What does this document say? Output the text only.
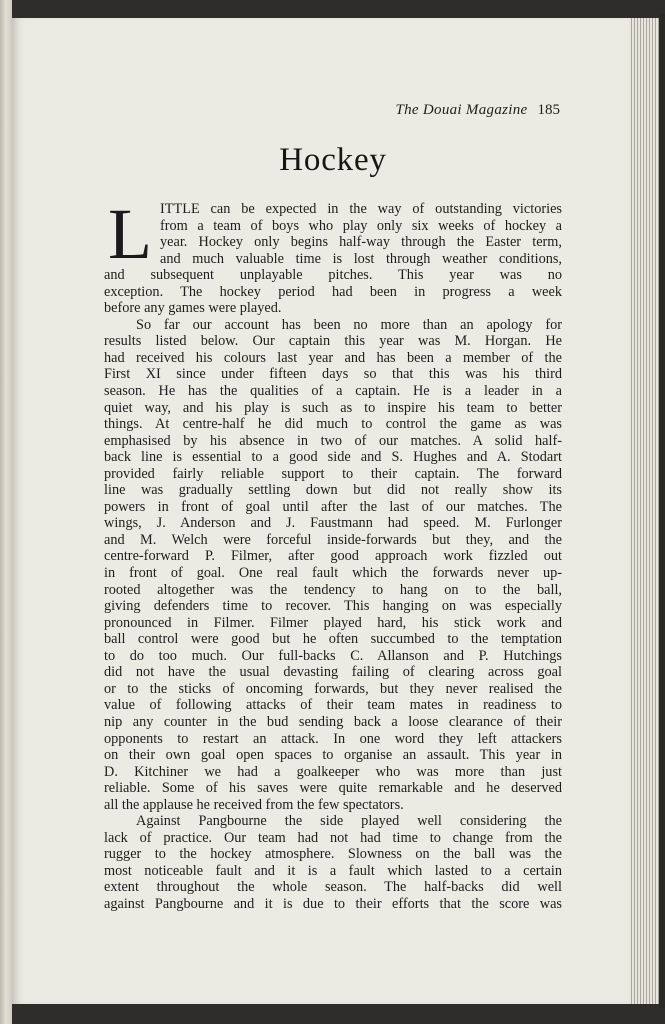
The Douai Magazine 185
Hockey
L ITTLE can be expected in the way of outstanding victories
from a team of boys who play only six weeks of hockey a
year. Hockey only begins half-way through the Easter term,
and much valuable time is lost through weather conditions,
and subsequent unplayable pitches. This year was no
exception. The hockey period had been in progress a week
before any games were played.
So far our account has been no more than an apology for
results listed below. Our captain this year was M. Horgan. He
had received his colours last year and has been a member of the
First XI since under fifteen days so that this was his third
season. He has the qualities of a captain. He is a leader in a
quiet way, and his play is such as to inspire his team to better
things. At centre-half he did much to control the game as was
emphasised by his absence in two of our matches. A solid half-
back line is essential to a good side and S. Hughes and A. Stodart
provided fairly reliable support to their captain. The forward
line was gradually settling down but did not really show its
powers in front of goal until after the last of our matches. The
wings, J. Anderson and J. Faustmann had speed. M. Furlonger
and M. Welch were forceful inside-forwards but they, and the
centre-forward P. Filmer, after good approach work fizzled out
in front of goal. One real fault which the forwards never up-
rooted altogether was the tendency to hang on to the ball,
giving defenders time to recover. This hanging on was especially
pronounced in Filmer. Filmer played hard, his stick work and
ball control were good but he often succumbed to the temptation
to do too much. Our full-backs C. Allanson and P. Hutchings
did not have the usual devasting failing of clearing across goal
or to the sticks of oncoming forwards, but they never realised the
value of following attacks of their team mates in readiness to
nip any counter in the bud sending back a loose clearance of their
opponents to restart an attack. In one word they left attackers
on their own goal open spaces to organise an assault. This year in
D. Kitchiner we had a goalkeeper who was more than just
reliable. Some of his saves were quite remarkable and he deserved
all the applause he received from the few spectators.
Against Pangbourne the side played well considering the
lack of practice. Our team had not had time to change from the
rugger to the hockey atmosphere. Slowness on the ball was the
most noticeable fault and it is a fault which lasted to a certain
extent throughout the whole season. The half-backs did well
against Pangbourne and it is due to their efforts that the score was
